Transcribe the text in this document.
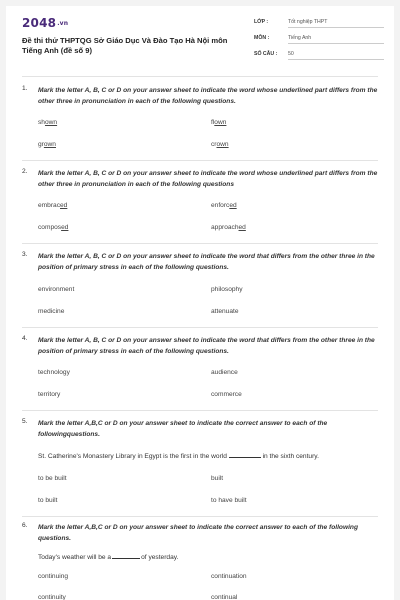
2048.vn
Đề thi thử THPTQG Sở Giáo Dục Và Đào Tạo Hà Nội môn Tiếng Anh (đề số 9)
LỚP :	Tốt nghiệp THPT
MÔN :	Tiếng Anh
SỐ CÂU : 50
1. Mark the letter A, B, C or D on your answer sheet to indicate the word whose underlined part differs from the other three in pronunciation in each of the following questions.
shown	flown
grown	crown
2. Mark the letter A, B, C or D on your answer sheet to indicate the word whose underlined part differs from the other three in pronunciation in each of the following questions
embraced	enforced
composed	approached
3. Mark the letter A, B, C or D on your answer sheet to indicate the word that differs from the other three in the position of primary stress in each of the following questions.
environment	philosophy
medicine	attenuate
4. Mark the letter A, B, C or D on your answer sheet to indicate the word that differs from the other three in the position of primary stress in each of the following questions.
technology	audience
territory	commerce
5. Mark the letter A,B,C or D on your answer sheet to indicate the correct answer to each of the followingquestions.
St. Catherine's Monastery Library in Egypt is the first in the world	in the sixth century.
to be built	built
to built	to have built
6. Mark the letter A,B,C or D on your answer sheet to indicate the correct answer to each of the following questions.
Today's weather will be a	of yesterday.
continuing	continuation
continuity	continual
